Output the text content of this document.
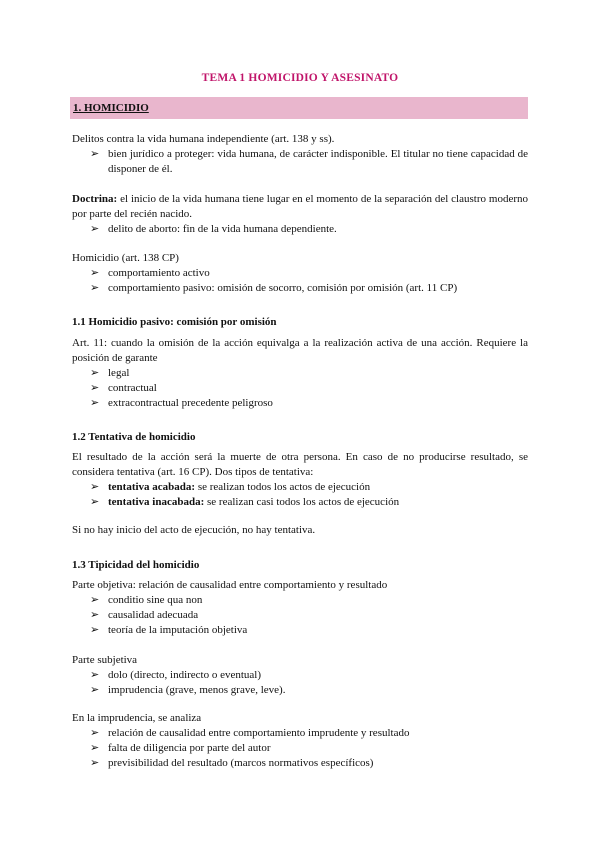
TEMA 1 HOMICIDIO Y ASESINATO
1. HOMICIDIO

Delitos contra la vida humana independiente (art. 138 y ss).

➢ bien jurídico a proteger: vida humana, de carácter indisponible. El titular no tiene capacidad de disponer de él.

Doctrina: el inicio de la vida humana tiene lugar en el momento de la separación del claustro moderno por parte del recién nacido.

➢ delito de aborto: fin de la vida humana dependiente.

Homicidio (art. 138 CP)

➢ comportamiento activo
➢ comportamiento pasivo: omisión de socorro, comisión por omisión (art. 11 CP)

1.1 Homicidio pasivo: comisión por omisión

Art. 11: cuando la omisión de la acción equivalga a la realización activa de una acción. Requiere la posición de garante

➢ legal
➢ contractual
➢ extracontractual precedente peligroso

1.2 Tentativa de homicidio

El resultado de la acción será la muerte de otra persona. En caso de no producirse resultado, se considera tentativa (art. 16 CP). Dos tipos de tentativa:

➢ tentativa acabada: se realizan todos los actos de ejecución
➢ tentativa inacabada: se realizan casi todos los actos de ejecución

Si no hay inicio del acto de ejecución, no hay tentativa.

1.3 Tipicidad del homicidio

Parte objetiva: relación de causalidad entre comportamiento y resultado

➢ conditio sine qua non
➢ causalidad adecuada
➢ teoría de la imputación objetiva

Parte subjetiva

➢ dolo (directo, indirecto o eventual)
➢ imprudencia (grave, menos grave, leve).

En la imprudencia, se analiza

➢ relación de causalidad entre comportamiento imprudente y resultado
➢ falta de diligencia por parte del autor
➢ previsibilidad del resultado (marcos normativos específicos)
